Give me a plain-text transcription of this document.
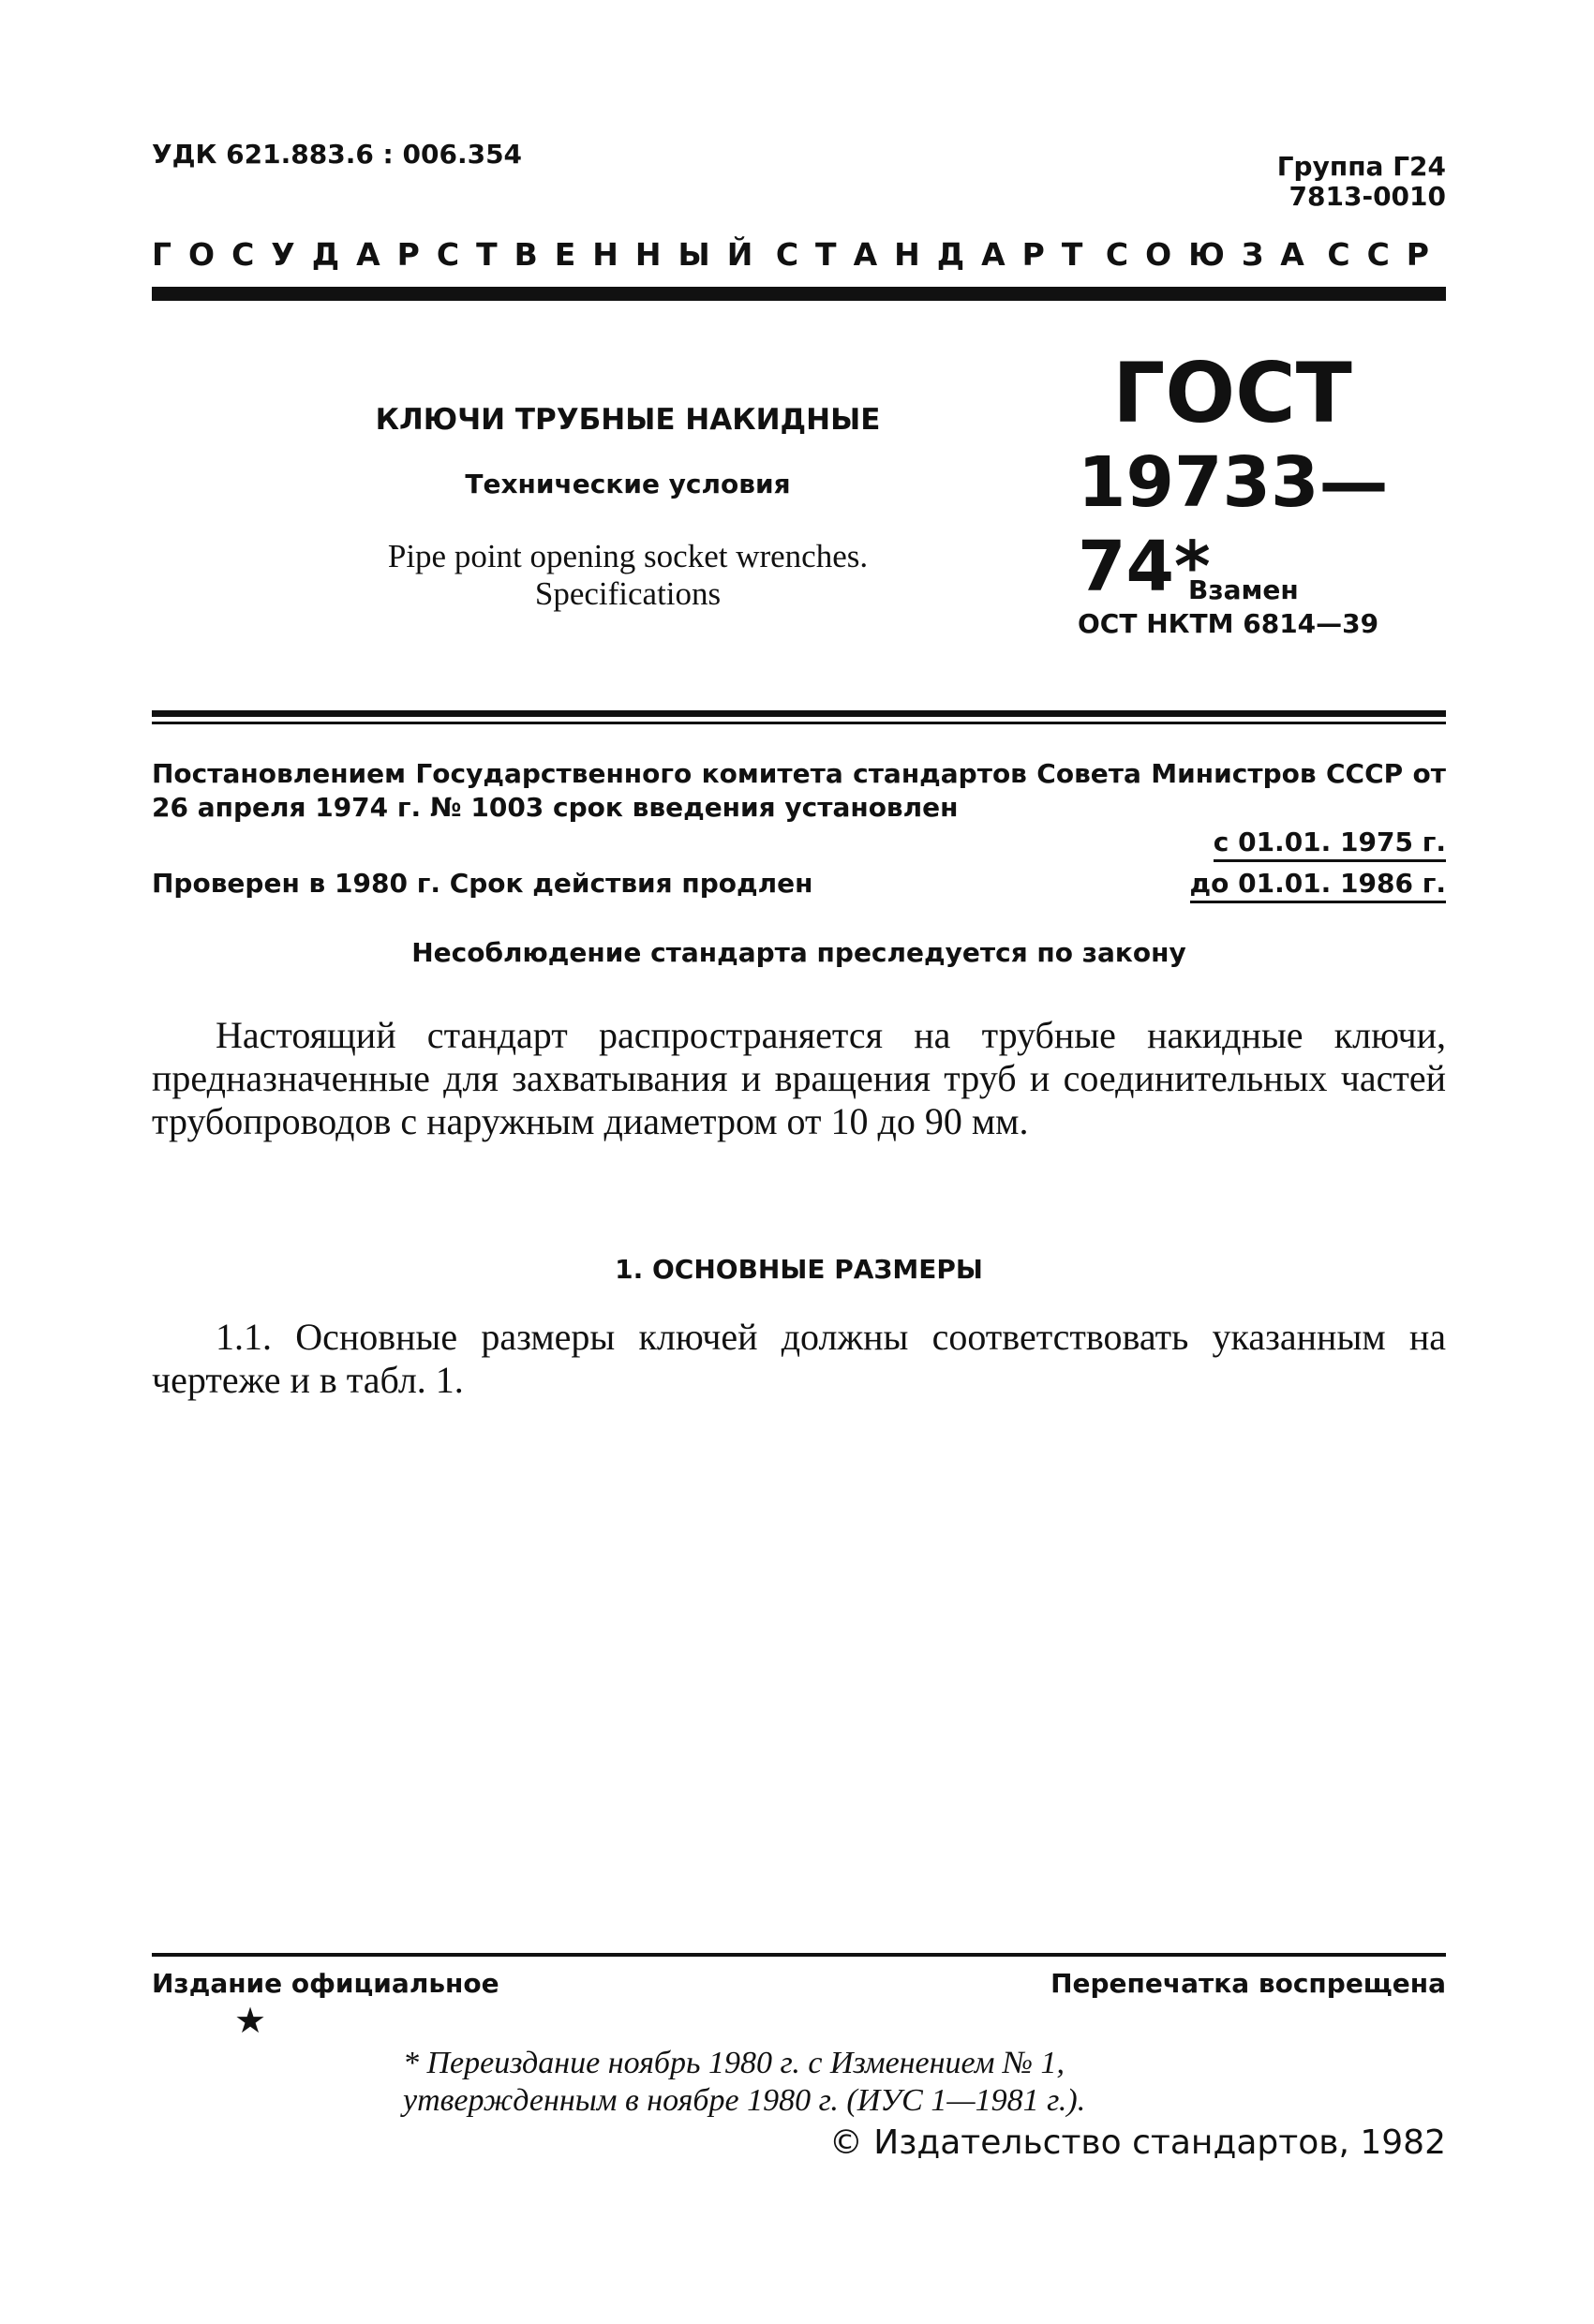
УДК 621.883.6 : 006.354	Группа Г24
7813-0010
ГОСУДАРСТВЕННЫЙ СТАНДАРТ СОЮЗА ССР
КЛЮЧИ ТРУБНЫЕ НАКИДНЫЕ
Технические условия
Pipe point opening socket wrenches.
Specifications
ГОСТ
19733—74*
Взамен
ОСТ НКТМ 6814—39
Постановлением Государственного комитета стандартов Совета Министров СССР от 26 апреля 1974 г. № 1003 срок введения установлен
с 01.01. 1975 г.
Проверен в 1980 г. Срок действия продлен	до 01.01. 1986 г.
Несоблюдение стандарта преследуется по закону

Настоящий стандарт распространяется на трубные накидные ключи, предназначенные для захватывания и вращения труб и соединительных частей трубопроводов с наружным диаметром от 10 до 90 мм.

1. ОСНОВНЫЕ РАЗМЕРЫ

1.1. Основные размеры ключей должны соответствовать указанным на чертеже и в табл. 1.

Издание официальное	Перепечатка воспрещена
★
* Переиздание ноябрь 1980 г. с Изменением № 1,
утвержденным в ноябре 1980 г. (ИУС 1—1981 г.).
© Издательство стандартов, 1982
